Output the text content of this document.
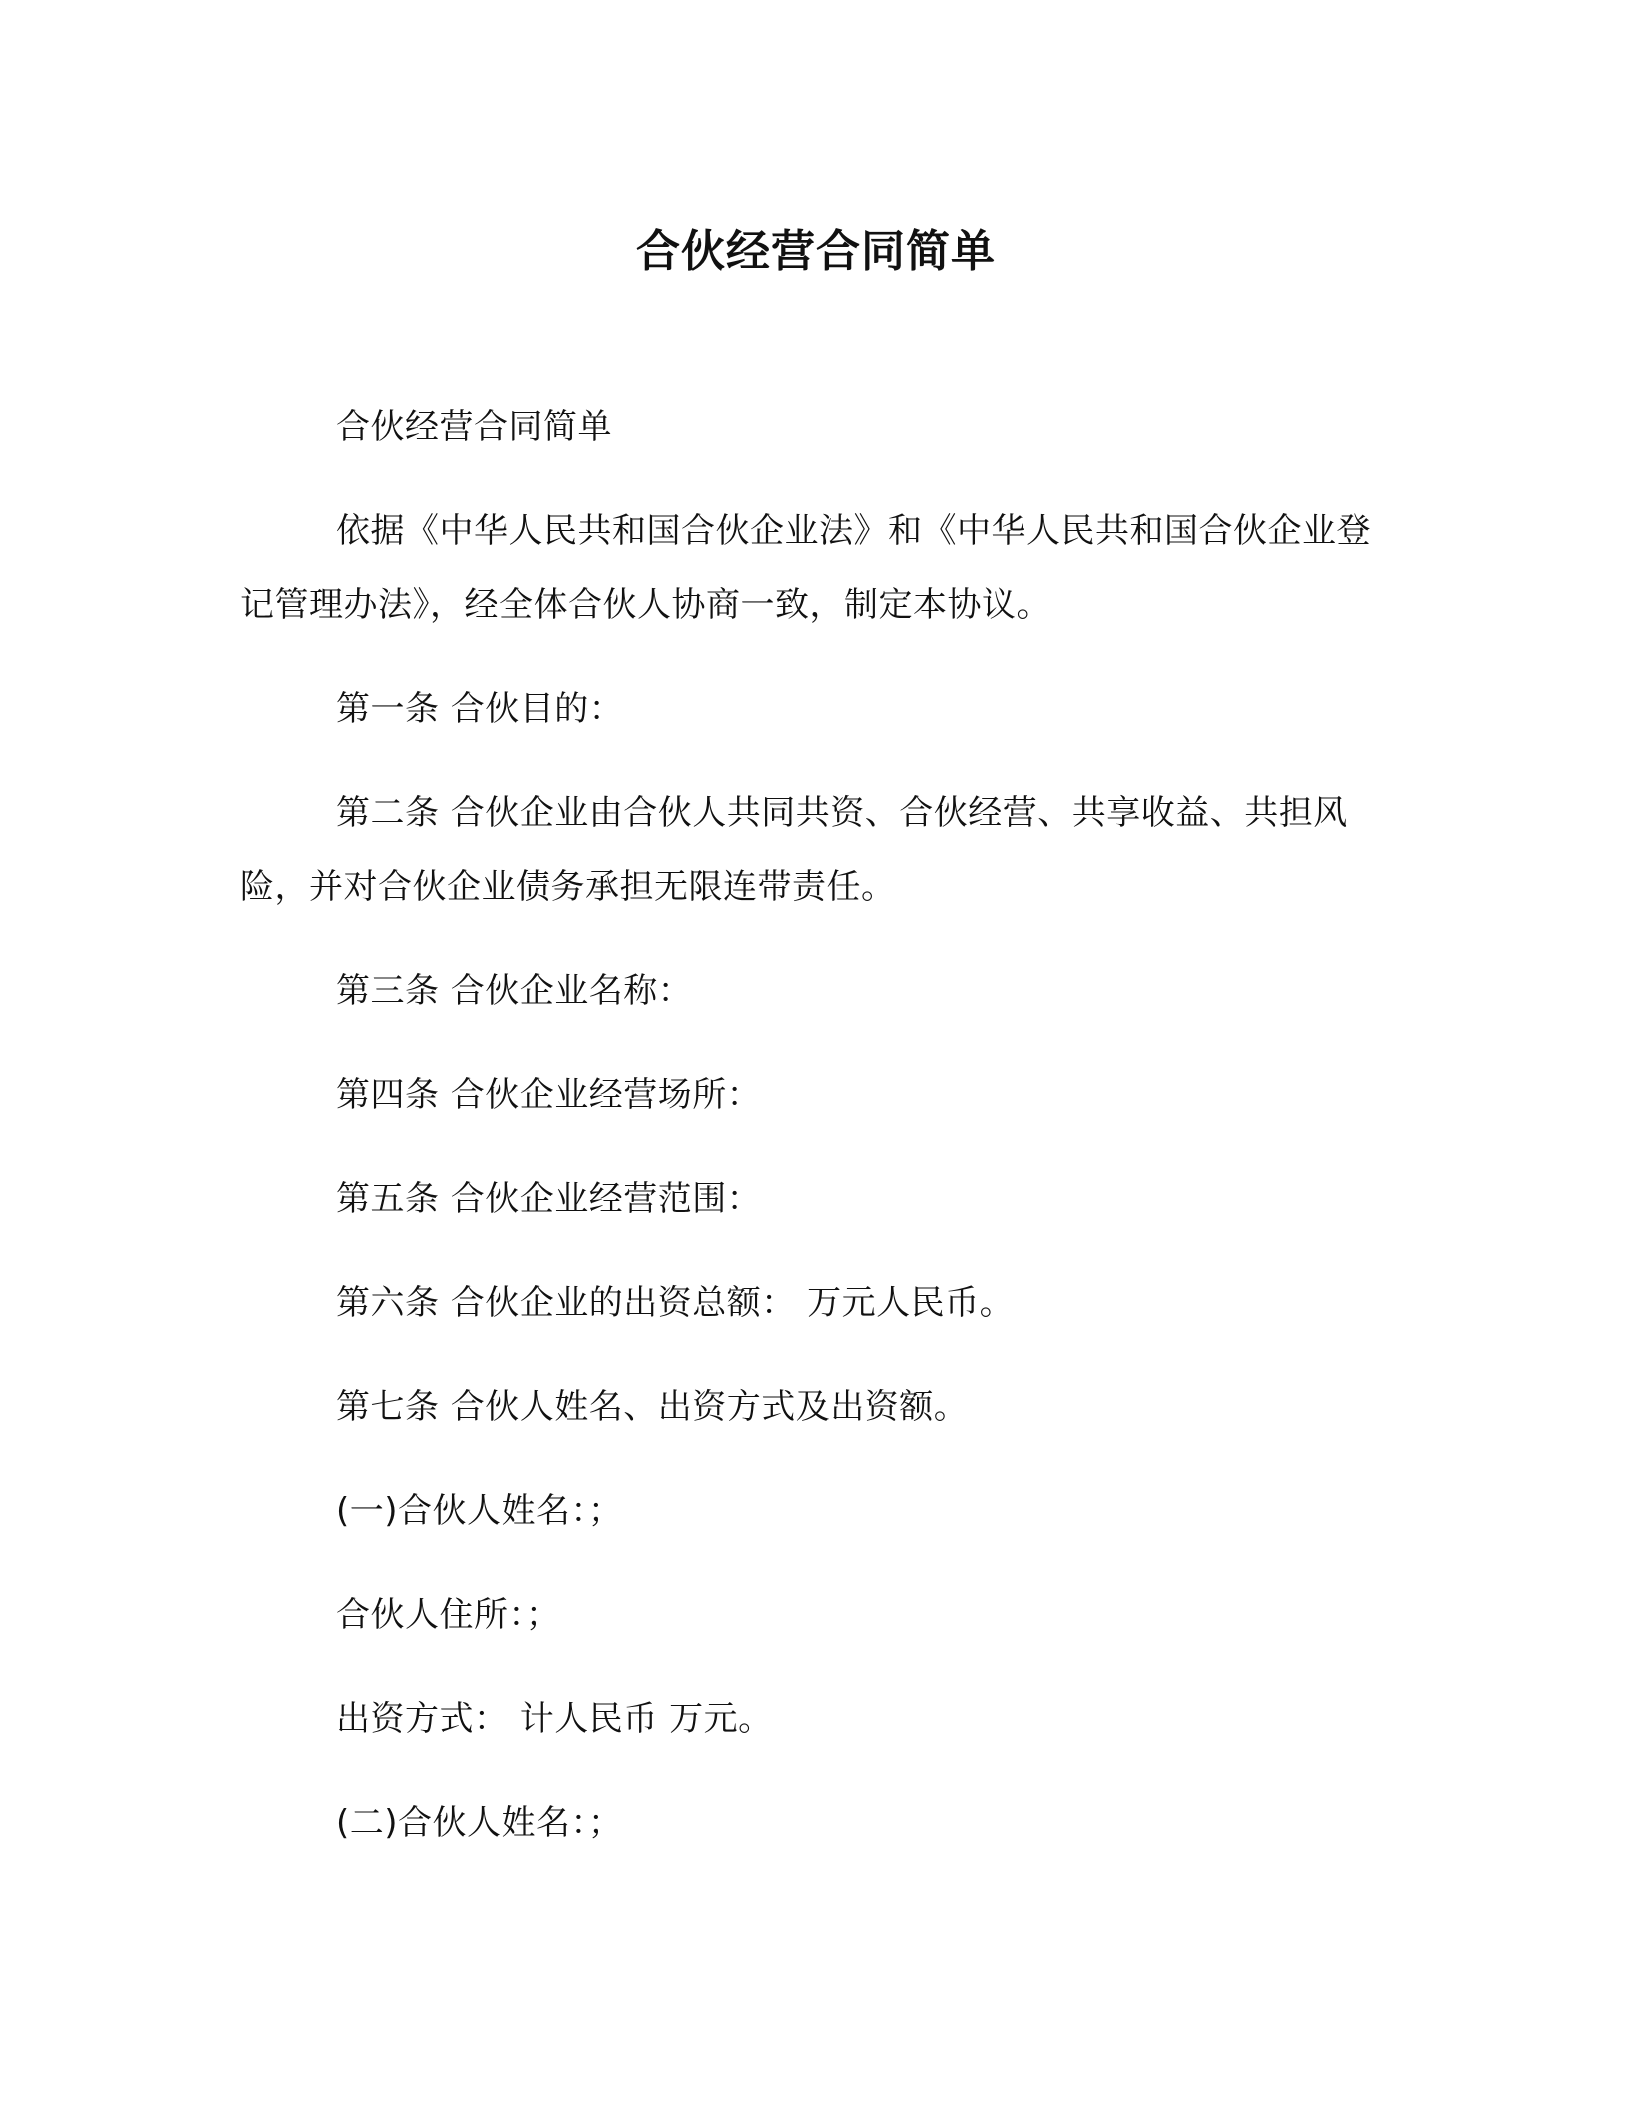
合伙经营合同简单

合伙经营合同简单

依据《中华人民共和国合伙企业法》和《中华人民共和国合伙企业登记管理办法》，经全体合伙人协商一致，制定本协议。

第一条 合伙目的：

第二条 合伙企业由合伙人共同共资、合伙经营、共享收益、共担风险，并对合伙企业债务承担无限连带责任。

第三条 合伙企业名称：

第四条 合伙企业经营场所：

第五条 合伙企业经营范围：

第六条 合伙企业的出资总额： 万元人民币。

第七条 合伙人姓名、出资方式及出资额。

(一)合伙人姓名：；

合伙人住所：；

出资方式： 计人民币 万元。

(二)合伙人姓名：；
